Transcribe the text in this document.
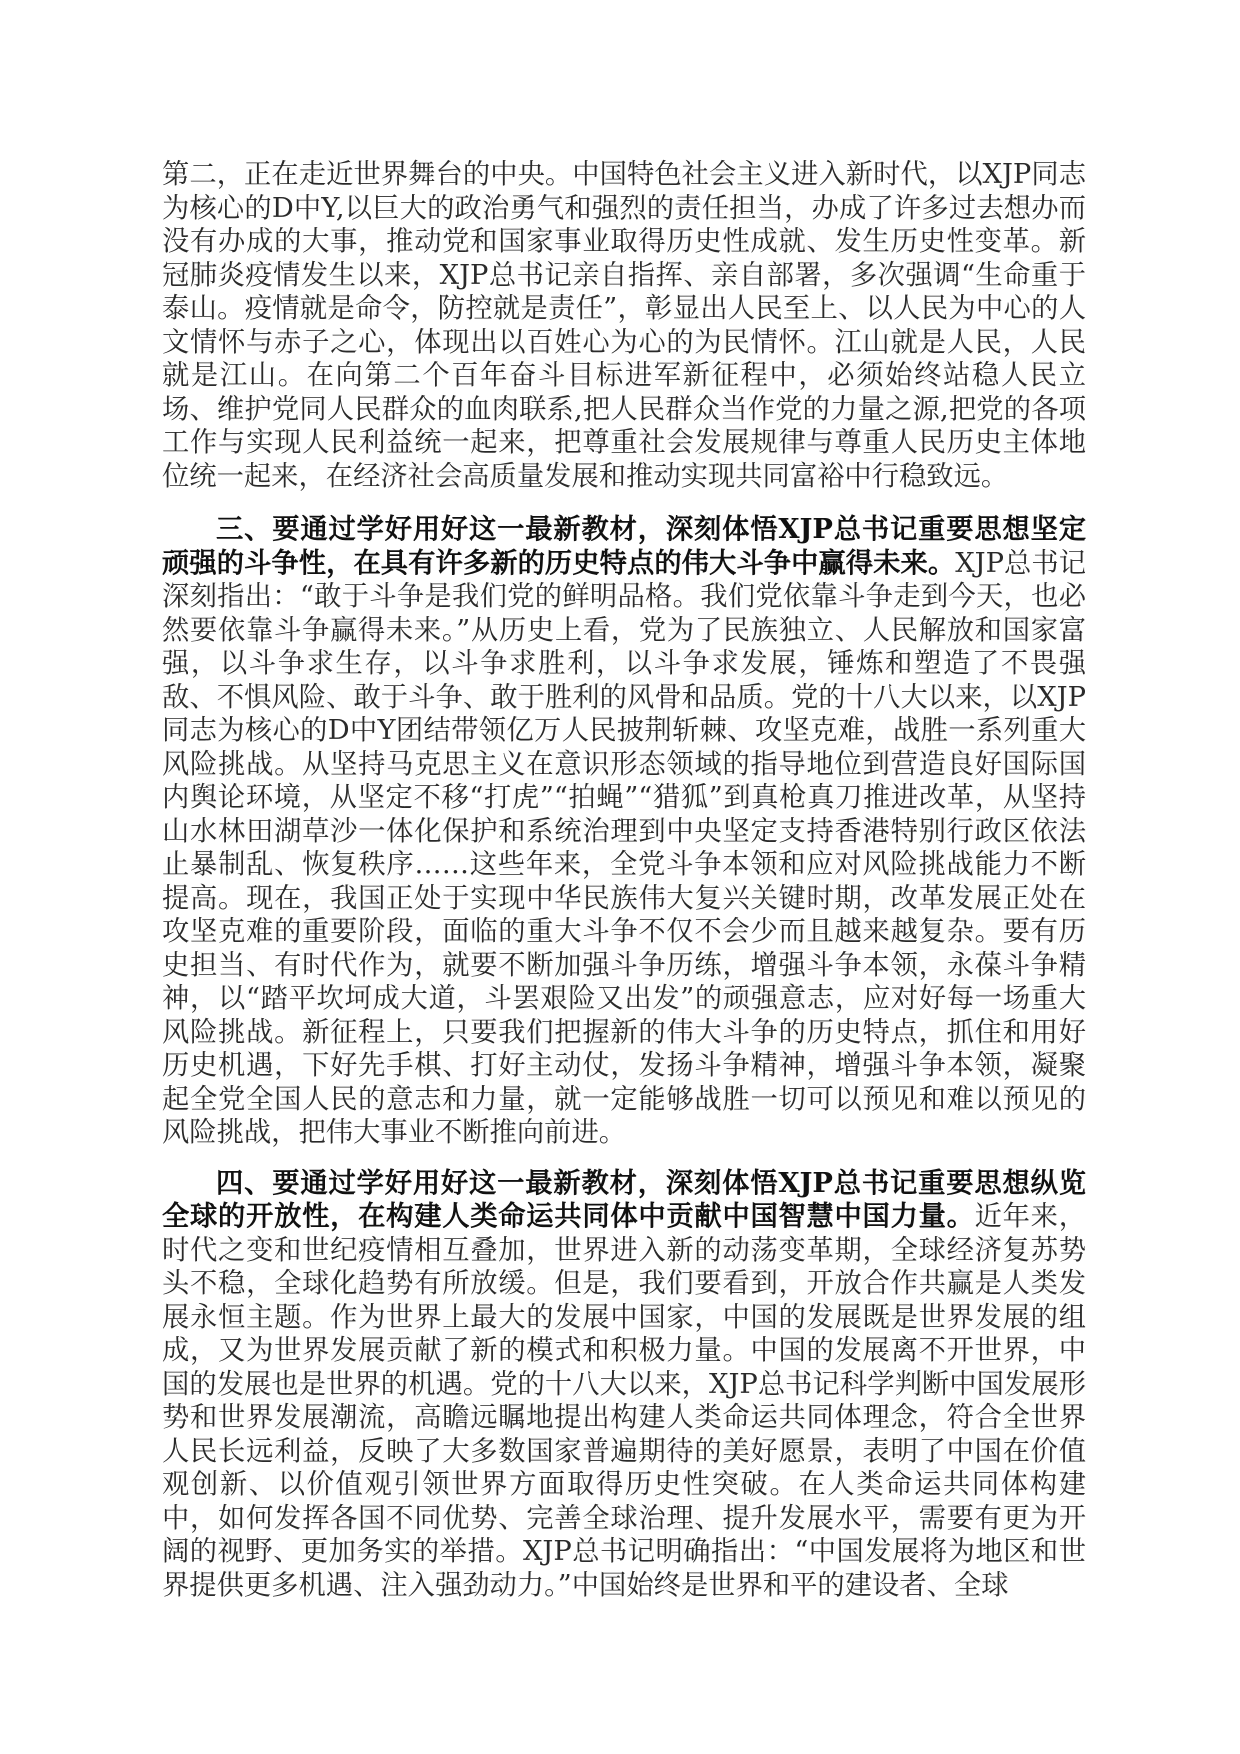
第二，正在走近世界舞台的中央。中国特色社会主义进入新时代，以XJP同志为核心的D中Y,以巨大的政治勇气和强烈的责任担当，办成了许多过去想办而没有办成的大事，推动党和国家事业取得历史性成就、发生历史性变革。新冠肺炎疫情发生以来，XJP总书记亲自指挥、亲自部署，多次强调“生命重于泰山。疫情就是命令，防控就是责任”，彰显出人民至上、以人民为中心的人文情怀与赤子之心，体现出以百姓心为心的为民情怀。江山就是人民，人民就是江山。在向第二个百年奋斗目标进军新征程中，必须始终站稳人民立场、维护党同人民群众的血肉联系,把人民群众当作党的力量之源,把党的各项工作与实现人民利益统一起来，把尊重社会发展规律与尊重人民历史主体地位统一起来，在经济社会高质量发展和推动实现共同富裕中行稳致远。

三、要通过学好用好这一最新教材，深刻体悟XJP总书记重要思想坚定顽强的斗争性，在具有许多新的历史特点的伟大斗争中赢得未来。XJP总书记深刻指出：“敢于斗争是我们党的鲜明品格。我们党依靠斗争走到今天，也必然要依靠斗争赢得未来。”从历史上看，党为了民族独立、人民解放和国家富强，以斗争求生存，以斗争求胜利，以斗争求发展，锤炼和塑造了不畏强敌、不惧风险、敢于斗争、敢于胜利的风骨和品质。党的十八大以来，以XJP同志为核心的D中Y团结带领亿万人民披荆斩棘、攻坚克难，战胜一系列重大风险挑战。从坚持马克思主义在意识形态领域的指导地位到营造良好国际国内舆论环境，从坚定不移“打虎”“拍蝇”“猎狐”到真枪真刀推进改革，从坚持山水林田湖草沙一体化保护和系统治理到中央坚定支持香港特别行政区依法止暴制乱、恢复秩序……这些年来，全党斗争本领和应对风险挑战能力不断提高。现在，我国正处于实现中华民族伟大复兴关键时期，改革发展正处在攻坚克难的重要阶段，面临的重大斗争不仅不会少而且越来越复杂。要有历史担当、有时代作为，就要不断加强斗争历练，增强斗争本领，永葆斗争精神，以“踏平坎坷成大道，斗罢艰险又出发”的顽强意志，应对好每一场重大风险挑战。新征程上，只要我们把握新的伟大斗争的历史特点，抓住和用好历史机遇，下好先手棋、打好主动仗，发扬斗争精神，增强斗争本领，凝聚起全党全国人民的意志和力量，就一定能够战胜一切可以预见和难以预见的风险挑战，把伟大事业不断推向前进。

四、要通过学好用好这一最新教材，深刻体悟XJP总书记重要思想纵览全球的开放性，在构建人类命运共同体中贡献中国智慧中国力量。近年来，时代之变和世纪疫情相互叠加，世界进入新的动荡变革期，全球经济复苏势头不稳，全球化趋势有所放缓。但是，我们要看到，开放合作共赢是人类发展永恒主题。作为世界上最大的发展中国家，中国的发展既是世界发展的组成，又为世界发展贡献了新的模式和积极力量。中国的发展离不开世界，中国的发展也是世界的机遇。党的十八大以来，XJP总书记科学判断中国发展形势和世界发展潮流，高瞻远瞩地提出构建人类命运共同体理念，符合全世界人民长远利益，反映了大多数国家普遍期待的美好愿景，表明了中国在价值观创新、以价值观引领世界方面取得历史性突破。在人类命运共同体构建中，如何发挥各国不同优势、完善全球治理、提升发展水平，需要有更为开阔的视野、更加务实的举措。XJP总书记明确指出：“中国发展将为地区和世界提供更多机遇、注入强劲动力。”中国始终是世界和平的建设者、全球
